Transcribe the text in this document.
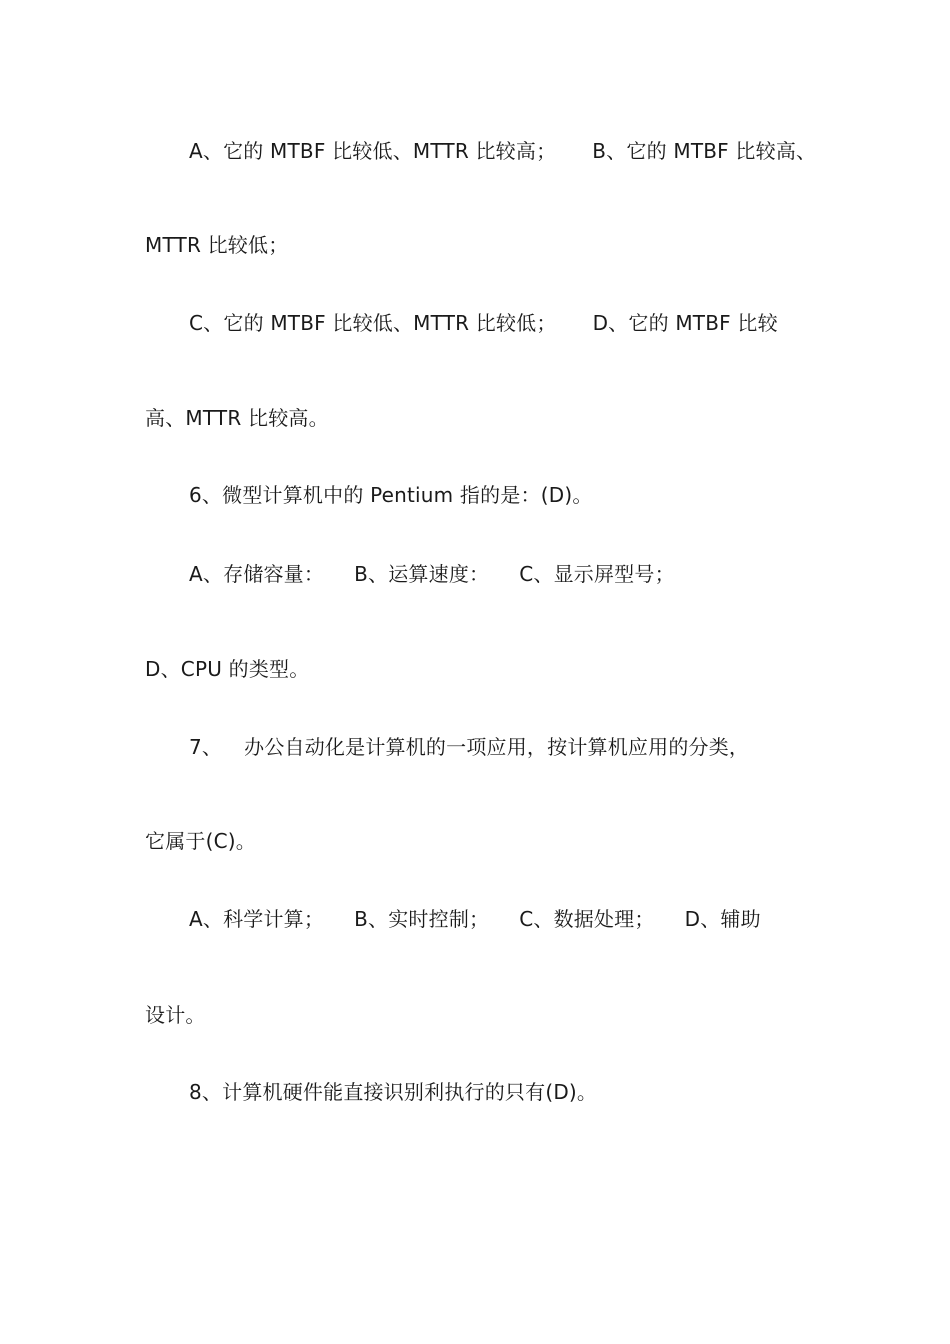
A、它的 MTBF 比较低、MTTR 比较高； B、它的 MTBF 比较高、
MTTR 比较低；
C、它的 MTBF 比较低、MTTR 比较低； D、它的 MTBF 比较
高、MTTR 比较高。
6、微型计算机中的 Pentium 指的是：(D)。
A、存储容量： B、运算速度： C、显示屏型号；
D、CPU 的类型。
7、 办公自动化是计算机的一项应用，按计算机应用的分类，
它属于(C)。
A、科学计算； B、实时控制； C、数据处理； D、辅助
设计。
8、计算机硬件能直接识别利执行的只有(D)。
